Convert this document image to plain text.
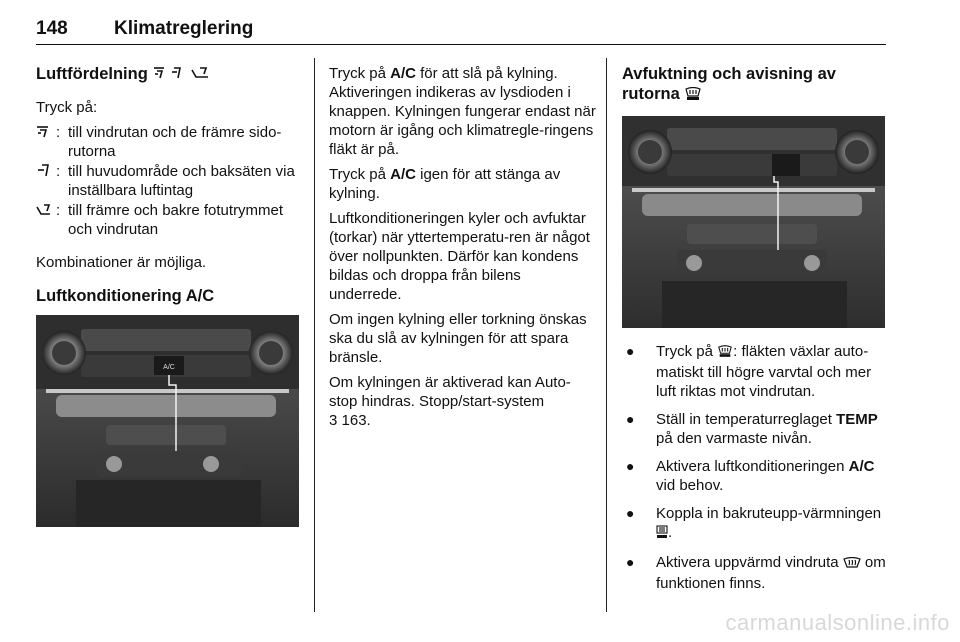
148 Klimatreglering
Luftfördelning

Tryck på:

: till vindrutan och de främre sido-rutorna
: till huvudområde och baksäten via inställbara luftintag
: till främre och bakre fotutrymmet och vindrutan

Kombinationer är möjliga.

Luftkonditionering A/C
A/C

Tryck på A/C för att slå på kylning. Aktiveringen indikeras av lysdioden i knappen. Kylningen fungerar endast när motorn är igång och klimatregle-ringens fläkt är på.

Tryck på A/C igen för att stänga av kylning.

Luftkonditioneringen kyler och avfuktar (torkar) när yttertemperatu-ren är något över nollpunkten. Därför kan kondens bildas och droppa från bilens underrede.

Om ingen kylning eller torkning önskas ska du slå av kylningen för att spara bränsle.

Om kylningen är aktiverad kan Auto-stop hindras. Stopp/start-system
3 163.

Avfuktning och avisning av rutorna
●	Tryck på : fläkten växlar auto-matiskt till högre varvtal och mer luft riktas mot vindrutan.
●	Ställ in temperaturreglaget TEMP på den varmaste nivån.
●	Aktivera luftkonditioneringen A/C vid behov.
●	Koppla in bakruteupp-värmningen .
●	Aktivera uppvärmd vindruta  om funktionen finns.
carmanualsonline.info
